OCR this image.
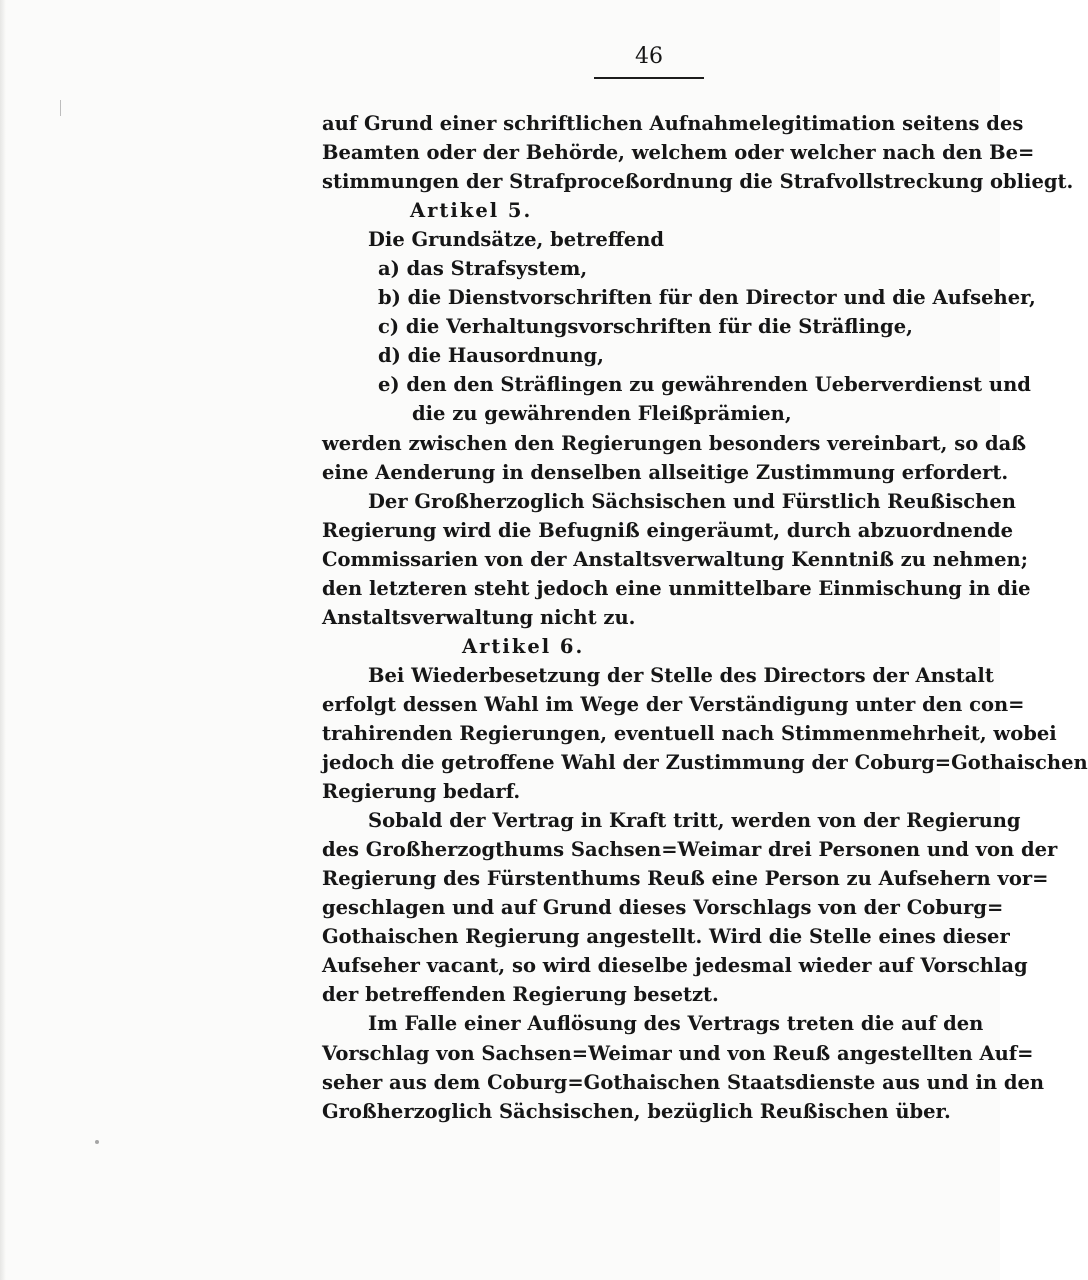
46
auf Grund einer schriftlichen Aufnahmelegitimation seitens des
Beamten oder der Behörde, welchem oder welcher nach den Be=
stimmungen der Strafproceßordnung die Strafvollstreckung obliegt.
Artikel 5.
Die Grundsätze, betreffend
a) das Strafsystem,
b) die Dienstvorschriften für den Director und die Aufseher,
c) die Verhaltungsvorschriften für die Sträflinge,
d) die Hausordnung,
e) den den Sträflingen zu gewährenden Ueberverdienst und
die zu gewährenden Fleißprämien,
werden zwischen den Regierungen besonders vereinbart, so daß
eine Aenderung in denselben allseitige Zustimmung erfordert.
Der Großherzoglich Sächsischen und Fürstlich Reußischen
Regierung wird die Befugniß eingeräumt, durch abzuordnende
Commissarien von der Anstaltsverwaltung Kenntniß zu nehmen;
den letzteren steht jedoch eine unmittelbare Einmischung in die
Anstaltsverwaltung nicht zu.
Artikel 6.
Bei Wiederbesetzung der Stelle des Directors der Anstalt
erfolgt dessen Wahl im Wege der Verständigung unter den con=
trahirenden Regierungen, eventuell nach Stimmenmehrheit, wobei
jedoch die getroffene Wahl der Zustimmung der Coburg=Gothaischen
Regierung bedarf.
Sobald der Vertrag in Kraft tritt, werden von der Regierung
des Großherzogthums Sachsen=Weimar drei Personen und von der
Regierung des Fürstenthums Reuß eine Person zu Aufsehern vor=
geschlagen und auf Grund dieses Vorschlags von der Coburg=
Gothaischen Regierung angestellt. Wird die Stelle eines dieser
Aufseher vacant, so wird dieselbe jedesmal wieder auf Vorschlag
der betreffenden Regierung besetzt.
Im Falle einer Auflösung des Vertrags treten die auf den
Vorschlag von Sachsen=Weimar und von Reuß angestellten Auf=
seher aus dem Coburg=Gothaischen Staatsdienste aus und in den
Großherzoglich Sächsischen, bezüglich Reußischen über.
